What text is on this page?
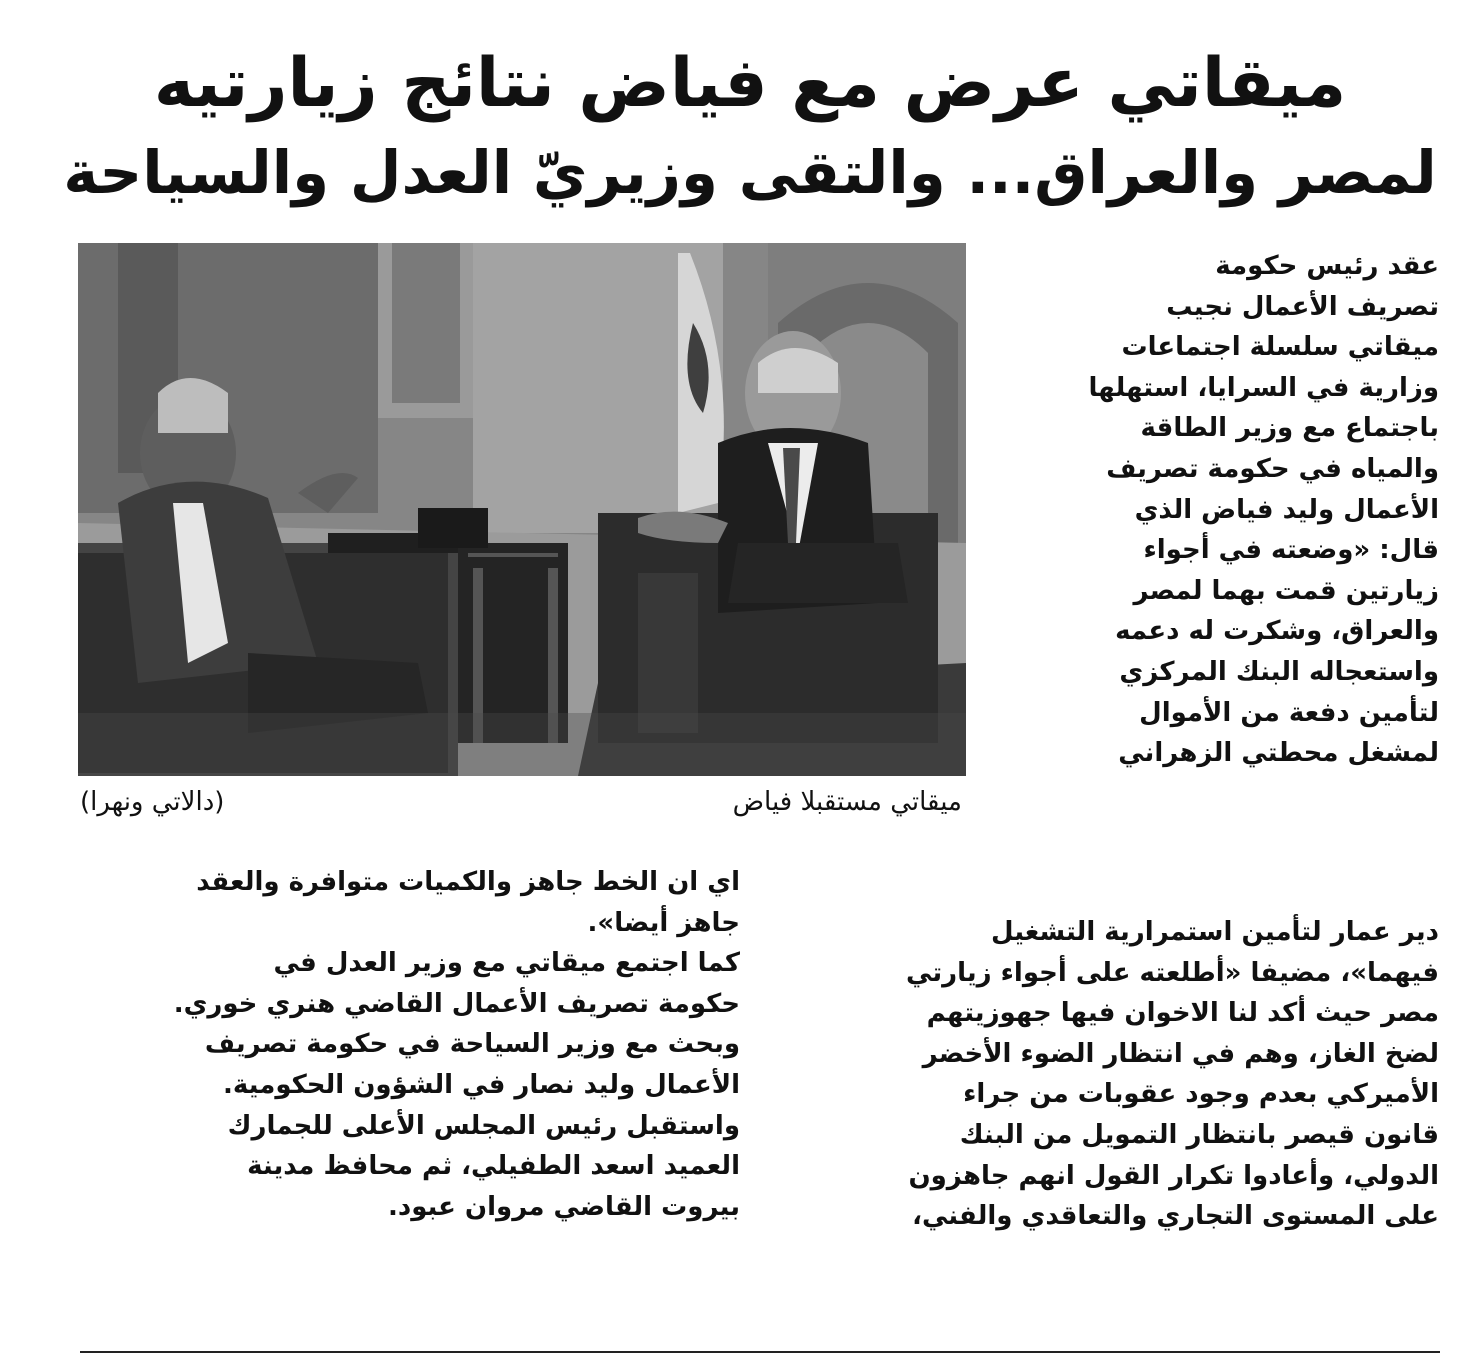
ميقاتي عرض مع فياض نتائج زيارتيه
لمصر والعراق... والتقى وزيريّ العدل والسياحة
ميقاتي مستقبلا فياض
(دالاتي ونهرا)
عقد رئيس حكومة
تصريف الأعمال نجيب
ميقاتي سلسلة اجتماعات
وزارية في السرايا، استهلها
باجتماع مع وزير الطاقة
والمياه في حكومة تصريف
الأعمال وليد فياض الذي
قال: «وضعته في أجواء
زيارتين قمت بهما لمصر
والعراق، وشكرت له دعمه
واستعجاله البنك المركزي
لتأمين دفعة من الأموال
لمشغل محطتي الزهراني
دير عمار لتأمين استمرارية التشغيل
فيهما»، مضيفا «أطلعته على أجواء زيارتي
مصر حيث أكد لنا الاخوان فيها جهوزيتهم
لضخ الغاز، وهم في انتظار الضوء الأخضر
الأميركي بعدم وجود عقوبات من جراء
قانون قيصر بانتظار التمويل من البنك
الدولي، وأعادوا تكرار القول انهم جاهزون
على المستوى التجاري والتعاقدي والفني،
اي ان الخط جاهز والكميات متوافرة والعقد
جاهز أيضا».
كما اجتمع ميقاتي مع وزير العدل في
حكومة تصريف الأعمال القاضي هنري خوري.
وبحث مع وزير السياحة في حكومة تصريف
الأعمال وليد نصار في الشؤون الحكومية.
واستقبل رئيس المجلس الأعلى للجمارك
العميد اسعد الطفيلي، ثم محافظ مدينة
بيروت القاضي مروان عبود.
